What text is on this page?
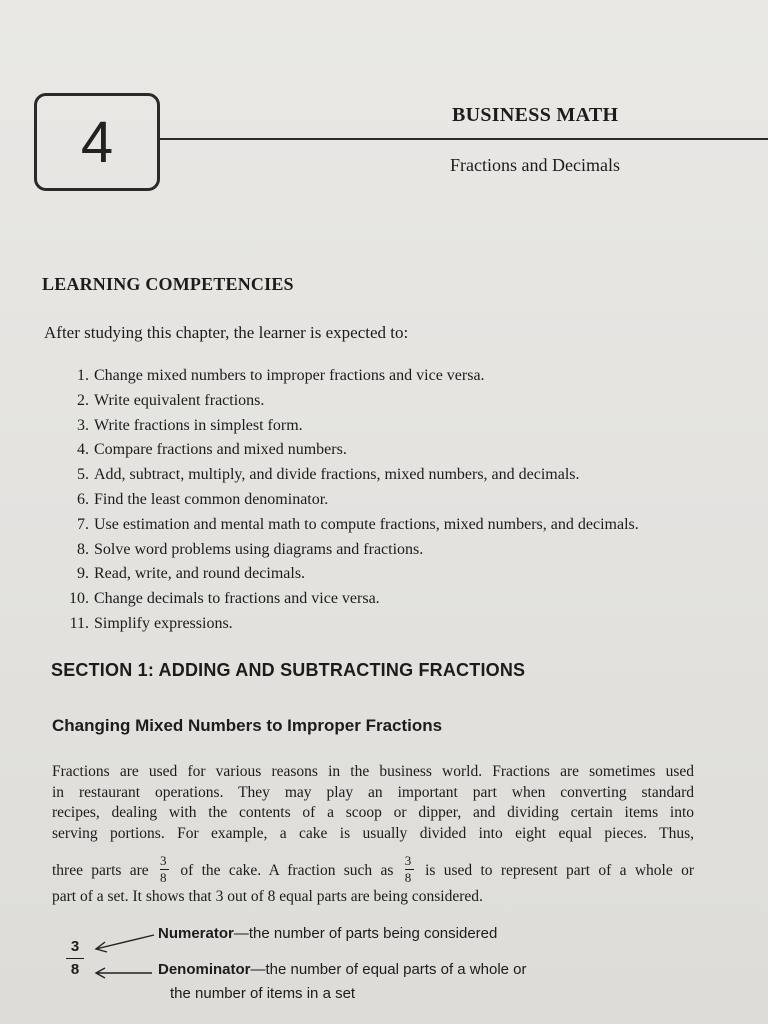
4	BUSINESS MATH
Fractions and Decimals
LEARNING COMPETENCIES
After studying this chapter, the learner is expected to:
1. Change mixed numbers to improper fractions and vice versa.
2. Write equivalent fractions.
3. Write fractions in simplest form.
4. Compare fractions and mixed numbers.
5. Add, subtract, multiply, and divide fractions, mixed numbers, and decimals.
6. Find the least common denominator.
7. Use estimation and mental math to compute fractions, mixed numbers, and decimals.
8. Solve word problems using diagrams and fractions.
9. Read, write, and round decimals.
10. Change decimals to fractions and vice versa.
11. Simplify expressions.
SECTION 1: ADDING AND SUBTRACTING FRACTIONS
Changing Mixed Numbers to Improper Fractions
Fractions are used for various reasons in the business world. Fractions are sometimes used
in restaurant operations. They may play an important part when converting standard
recipes, dealing with the contents of a scoop or dipper, and dividing certain items into
serving portions. For example, a cake is usually divided into eight equal pieces. Thus,
three parts are $\frac{3}{8}$ of the cake. A fraction such as $\frac{3}{8}$ is used to represent part of a whole or
part of a set. It shows that 3 out of 8 equal parts are being considered.
3
8
Numerator—the number of parts being considered
Denominator—the number of equal parts of a whole or
the number of items in a set
